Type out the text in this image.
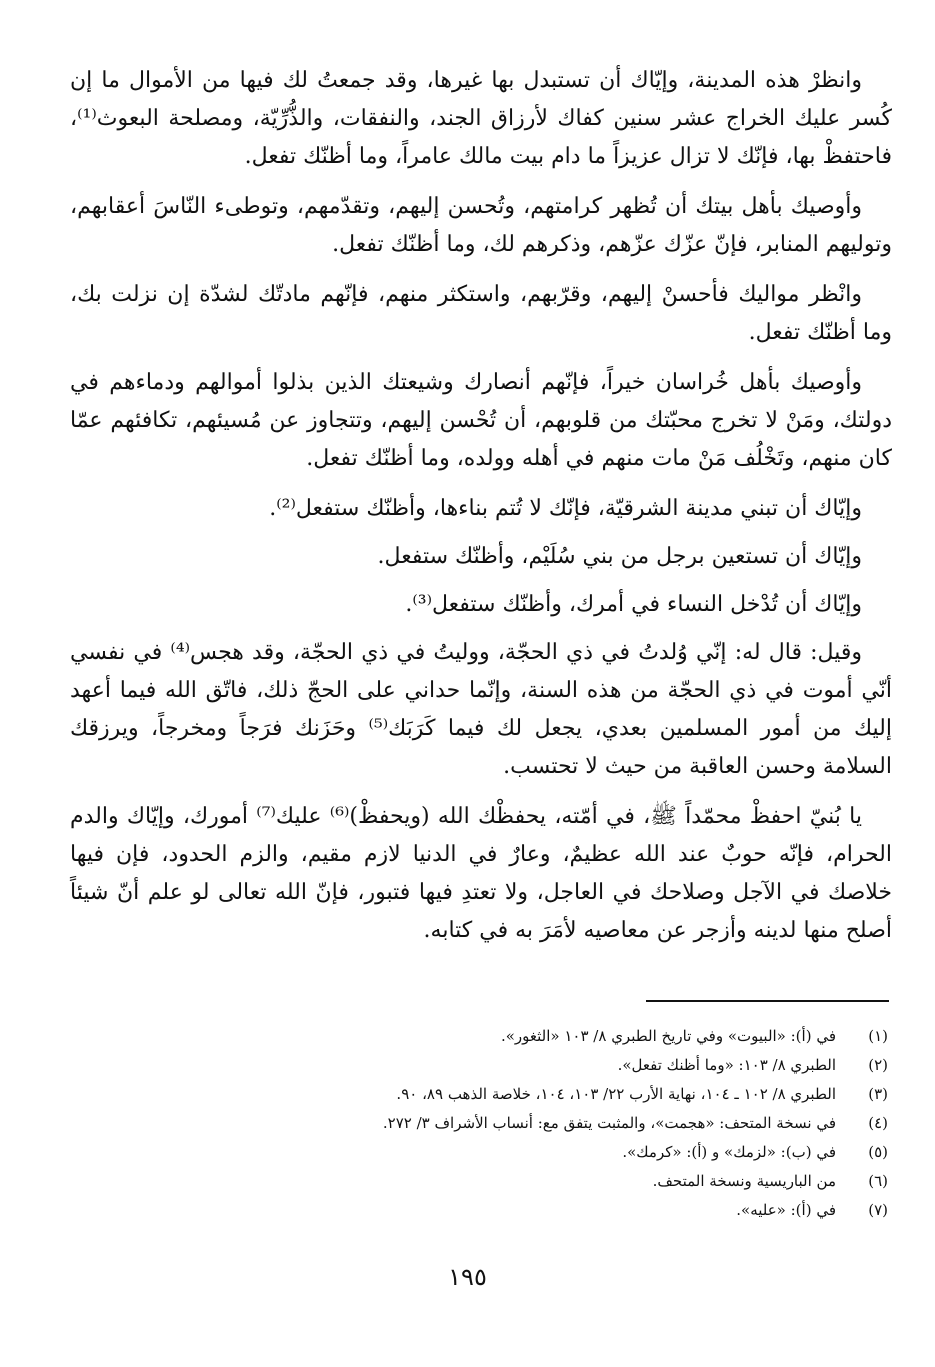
وانظرْ هذه المدينة، وإيّاك أن تستبدل بها غيرها، وقد جمعتُ لك فيها من الأموال ما إن كُسر عليك الخراج عشر سنين كفاك لأرزاق الجند، والنفقات، والذُّرِّيّة، ومصلحة البعوث⁽¹⁾، فاحتفظْ بها، فإنّك لا تزال عزيزاً ما دام بيت مالك عامراً، وما أظنّك تفعل.

وأوصيك بأهل بيتك أن تُظهر كرامتهم، وتُحسن إليهم، وتقدّمهم، وتوطىء النّاسَ أعقابهم، وتوليهم المنابر، فإنّ عزّك عزّهم، وذكرهم لك، وما أظنّك تفعل.

وانْظر مواليك فأحسنْ إليهم، وقرّبهم، واستكثر منهم، فإنّهم مادتّك لشدّة إن نزلت بك، وما أظنّك تفعل.

وأوصيك بأهل خُراسان خيراً، فإنّهم أنصارك وشيعتك الذين بذلوا أموالهم ودماءهم في دولتك، ومَنْ لا تخرج محبّتك من قلوبهم، أن تُحْسن إليهم، وتتجاوز عن مُسيئهم، تكافئهم عمّا كان منهم، وتَخْلُف مَنْ مات منهم في أهله وولده، وما أظنّك تفعل.

وإيّاك أن تبني مدينة الشرقيّة، فإنّك لا تُتم بناءها، وأظنّك ستفعل⁽²⁾.

وإيّاك أن تستعين برجل من بني سُلَيْم، وأظنّك ستفعل.

وإيّاك أن تُدْخل النساء في أمرك، وأظنّك ستفعل⁽³⁾.

وقيل: قال له: إنّي وُلدتُ في ذي الحجّة، ووليتُ في ذي الحجّة، وقد هجس⁽⁴⁾ في نفسي أنّي أموت في ذي الحجّة من هذه السنة، وإنّما حداني على الحجّ ذلك، فاتّق الله فيما أعهد إليك من أمور المسلمين بعدي، يجعل لك فيما كَرَبَك⁽⁵⁾ وحَزَنك فرَجاً ومخرجاً، ويرزقك السلامة وحسن العاقبة من حيث لا تحتسب.

يا بُنيّ احفظْ محمّداً ﷺ، في أمّته، يحفظْك الله (ويحفظْ)⁽⁶⁾ عليك⁽⁷⁾ أمورك، وإيّاك والدم الحرام، فإنّه حوبٌ عند الله عظيمٌ، وعارٌ في الدنيا لازم مقيم، والزم الحدود، فإن فيها خلاصك في الآجل وصلاحك في العاجل، ولا تعتدِ فيها فتبور، فإنّ الله تعالى لو علم أنّ شيئاً أصلح منها لدينه وأزجر عن معاصيه لأمَرَ به في كتابه.

(١)
في (أ): «البيوت» وفي تاريخ الطبري ٨/ ١٠٣ «الثغور».
(٢)
الطبري ٨/ ١٠٣: «وما أظنك تفعل».
(٣)
الطبري ٨/ ١٠٢ ـ ١٠٤، نهاية الأرب ٢٢/ ١٠٣، ١٠٤، خلاصة الذهب ٨٩، ٩٠.
(٤)
في نسخة المتحف: «هجمت»، والمثبت يتفق مع: أنساب الأشراف ٣/ ٢٧٢.
(٥)
في (ب): «لزمك» و (أ): «كرمك».
(٦)
من الباريسية ونسخة المتحف.
(٧)
في (أ): «عليه».
١٩٥
